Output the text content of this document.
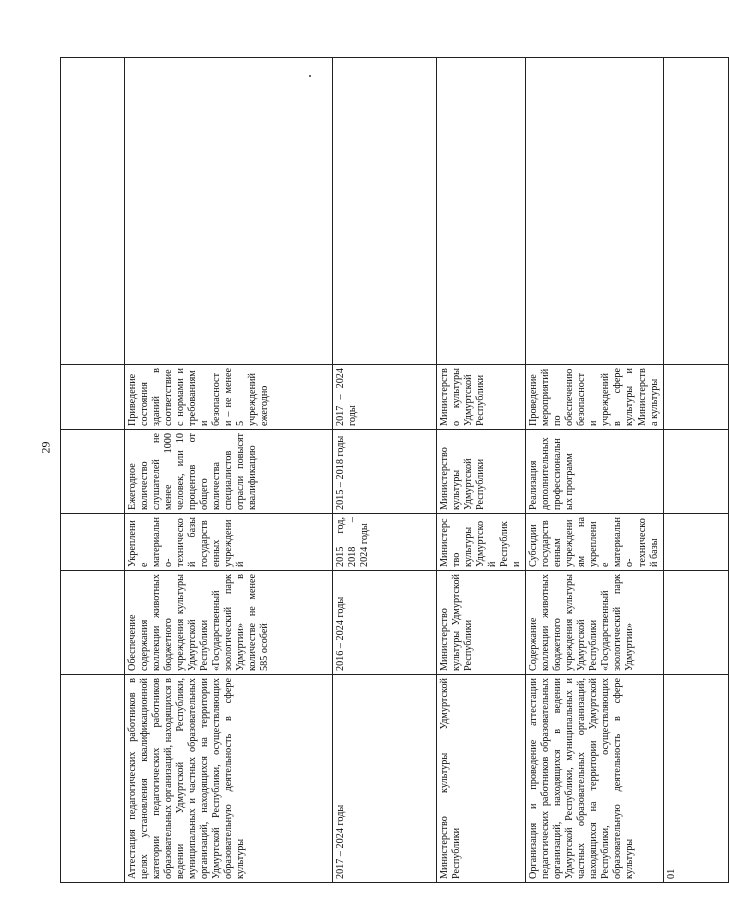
29

Аттестация педагогических работников в целях установления квалификационной категории педагогических работников образовательных организаций, находящихся в ведении Удмуртской Республики, муниципальных и частных образовательных организаций, находящихся на территории Удмуртской Республики, осуществляющих образовательную деятельность в сфере культуры	Обеспечение содержания коллекции животных бюджетного учреждения культуры Удмуртской Республики «Государственный зоологический парк Удмуртии» в количестве не менее 585 особей	Укрепление материально-технической базы государственных учреждений	Ежегодное количество слушателей не менее 1000 человек, или 10 процентов от общего количества специалистов отрасли повысят квалификацию	Приведение состояния зданий в соответствие с нормами и требованиями безопасности – не менее 5 учреждений ежегодно	
2017 – 2024 годы	2016 – 2024 годы	2015 год, 2018 – 2024 годы	2015 – 2018 годы	2017 – 2024 годы	
Министерство культуры Удмуртской Республики	Министерство культуры Удмуртской Республики	Министерство культуры Удмуртской Республики	Министерство культуры Удмуртской Республики	Министерство культуры Удмуртской Республики	
Организация и проведение аттестации педагогических работников образовательных организаций, находящихся в ведении Удмуртской Республики, муниципальных и частных образовательных организаций, находящихся на территории Удмуртской Республики, осуществляющих образовательную деятельность в сфере культуры	Содержание коллекции животных бюджетного учреждения культуры Удмуртской Республики «Государственный зоологический парк Удмуртии»	Субсидии государственным учреждениям на укрепление материально-технической базы	Реализация дополнительных профессиональных программ	Проведение мероприятий по обеспечению безопасности учреждений в сфере культуры и Министерства культуры	
01					
